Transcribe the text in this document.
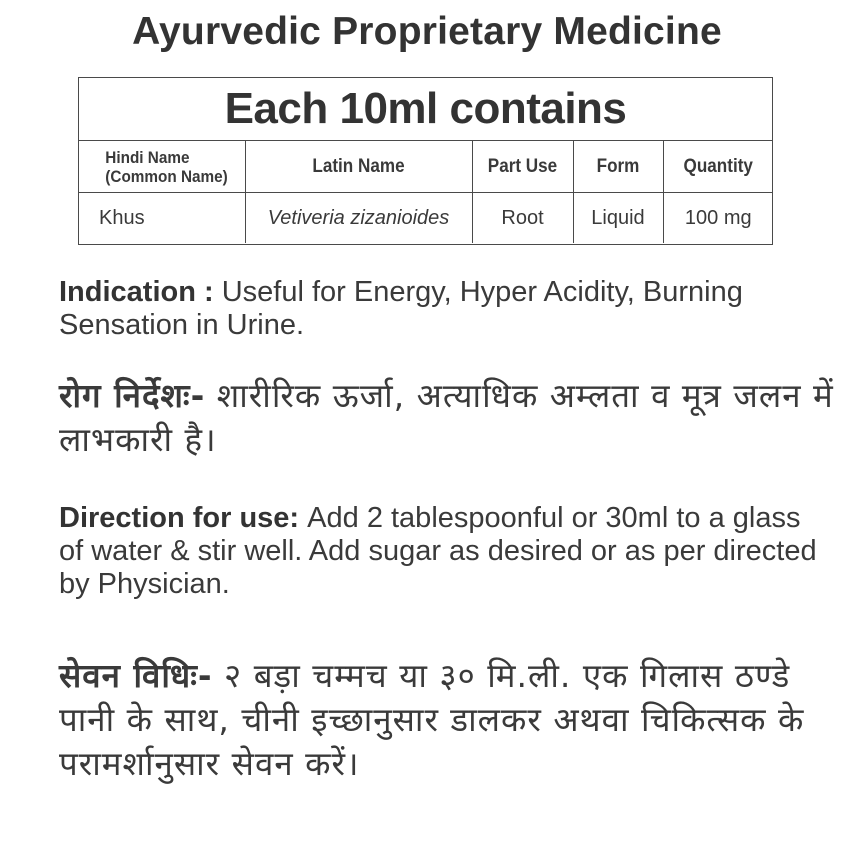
Ayurvedic Proprietary Medicine
Each 10ml contains
Hindi Name
(Common Name)	Latin Name	Part Use	Form	Quantity
Khus	Vetiveria zizanioides	Root	Liquid	100 mg
Indication : Useful for Energy, Hyper Acidity, Burning Sensation in Urine.
रोग निर्देशः- शारीरिक ऊर्जा, अत्याधिक अम्लता व मूत्र जलन में लाभकारी है।
Direction for use: Add 2 tablespoonful or 30ml to a glass of water & stir well. Add sugar as desired or as per directed by Physician.
सेवन विधिः- २ बड़ा चम्मच या ३० मि.ली. एक गिलास ठण्डे पानी के साथ, चीनी इच्छानुसार डालकर अथवा चिकित्सक के परामर्शानुसार सेवन करें।
